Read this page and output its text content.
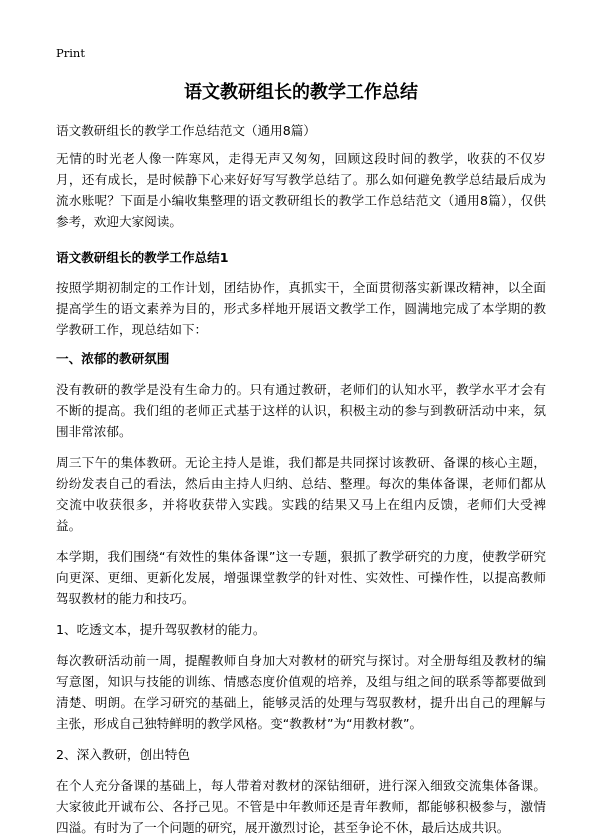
Print
语文教研组长的教学工作总结

语文教研组长的教学工作总结范文（通用8篇）

无情的时光老人像一阵寒风，走得无声又匆匆，回顾这段时间的教学，收获的不仅岁月，还有成长，是时候静下心来好好写写教学总结了。那么如何避免教学总结最后成为流水账呢？下面是小编收集整理的语文教研组长的教学工作总结范文（通用8篇），仅供参考，欢迎大家阅读。

语文教研组长的教学工作总结1

按照学期初制定的工作计划，团结协作，真抓实干，全面贯彻落实新课改精神，以全面提高学生的语文素养为目的，形式多样地开展语文教学工作，圆满地完成了本学期的教学教研工作，现总结如下：

一、浓郁的教研氛围

没有教研的教学是没有生命力的。只有通过教研，老师们的认知水平，教学水平才会有不断的提高。我们组的老师正式基于这样的认识，积极主动的参与到教研活动中来，氛围非常浓郁。

周三下午的集体教研。无论主持人是谁，我们都是共同探讨该教研、备课的核心主题，纷纷发表自己的看法，然后由主持人归纳、总结、整理。每次的集体备课，老师们都从交流中收获很多，并将收获带入实践。实践的结果又马上在组内反馈，老师们大受裨益。

本学期，我们围绕“有效性的集体备课”这一专题，狠抓了教学研究的力度，使教学研究向更深、更细、更新化发展，增强课堂教学的针对性、实效性、可操作性，以提高教师驾驭教材的能力和技巧。

1、吃透文本，提升驾驭教材的能力。

每次教研活动前一周，提醒教师自身加大对教材的研究与探讨。对全册每组及教材的编写意图，知识与技能的训练、情感态度价值观的培养，及组与组之间的联系等都要做到清楚、明朗。在学习研究的基础上，能够灵活的处理与驾驭教材，提升出自己的理解与主张，形成自己独特鲜明的教学风格。变“教教材”为“用教材教”。

2、深入教研，创出特色

在个人充分备课的基础上，每人带着对教材的深钻细研，进行深入细致交流集体备课。大家彼此开诚布公、各抒己见。不管是中年教师还是青年教师，都能够积极参与，激情四溢。有时为了一个问题的研究，展开激烈讨论，甚至争论不休，最后达成共识。
